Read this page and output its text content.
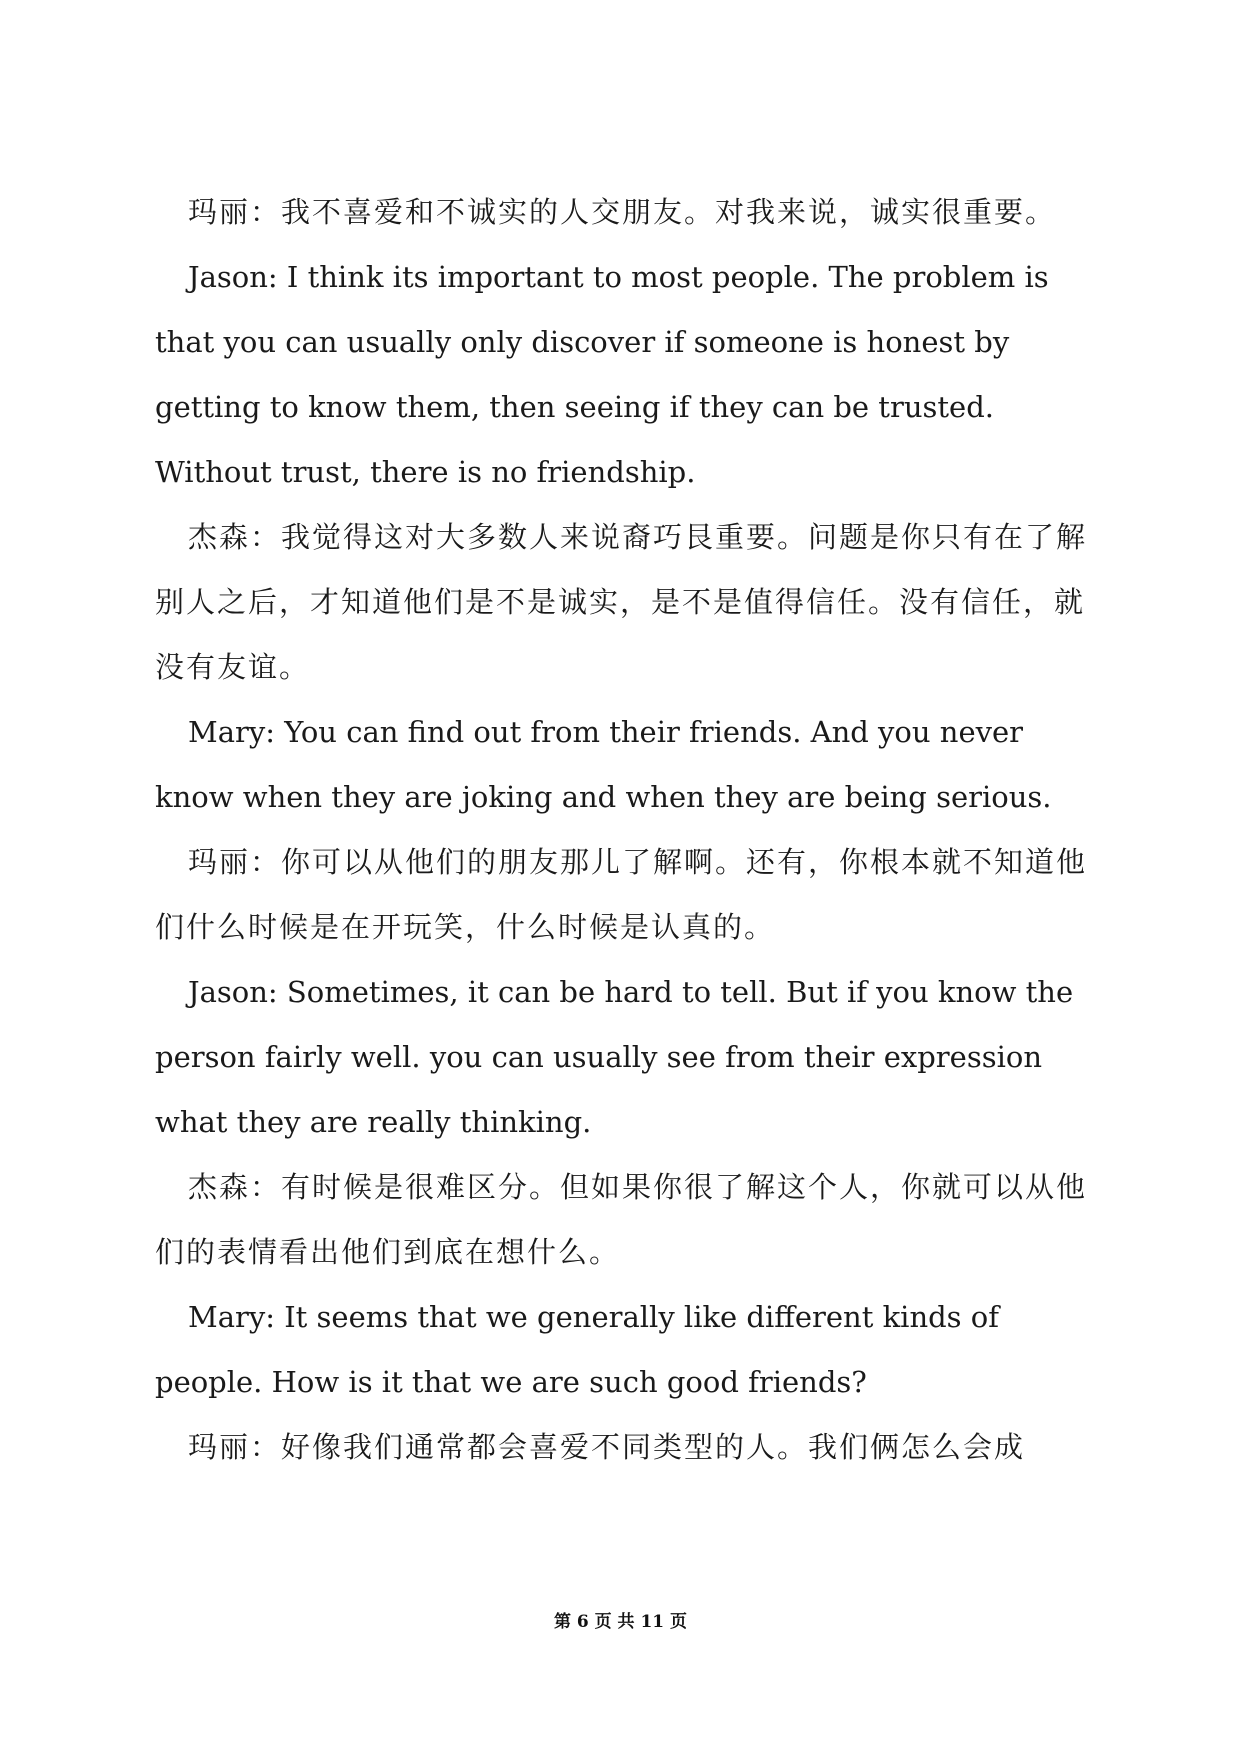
玛丽：我不喜爱和不诚实的人交朋友。对我来说，诚实很重要。

Jason: I think its important to most people. The problem is that you can usually only discover if someone is honest by getting to know them, then seeing if they can be trusted. Without trust, there is no friendship.

杰森：我觉得这对大多数人来说裔巧艮重要。问题是你只有在了解别人之后，才知道他们是不是诚实，是不是值得信任。没有信任，就没有友谊。

Mary: You can find out from their friends. And you never know when they are joking and when they are being serious.

玛丽：你可以从他们的朋友那儿了解啊。还有，你根本就不知道他们什么时候是在开玩笑，什么时候是认真的。

Jason: Sometimes, it can be hard to tell. But if you know the person fairly well. you can usually see from their expression what they are really thinking.

杰森：有时候是很难区分。但如果你很了解这个人，你就可以从他们的表情看出他们到底在想什么。

Mary: It seems that we generally like different kinds of people. How is it that we are such good friends?

玛丽：好像我们通常都会喜爱不同类型的人。我们俩怎么会成

第 6 页 共 11 页
